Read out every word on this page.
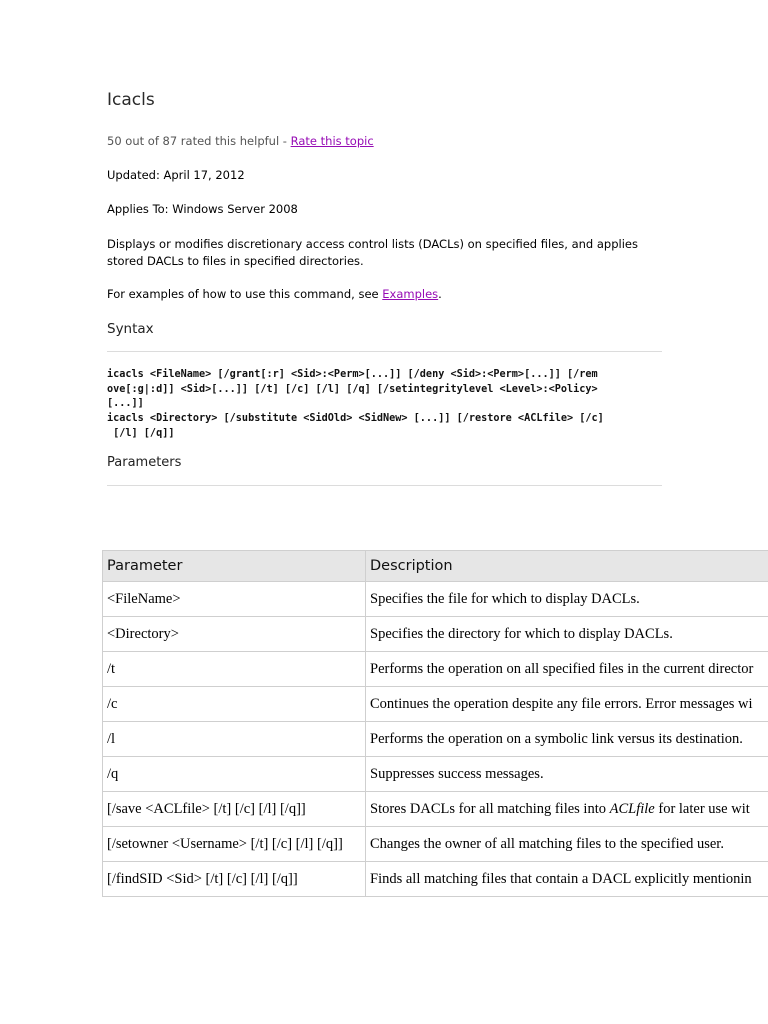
Icacls
50 out of 87 rated this helpful - Rate this topic
Updated: April 17, 2012
Applies To: Windows Server 2008
Displays or modifies discretionary access control lists (DACLs) on specified files, and applies stored DACLs to files in specified directories.
For examples of how to use this command, see Examples.
Syntax
icacls <FileName> [/grant[:r] <Sid>:<Perm>[...]] [/deny <Sid>:<Perm>[...]] [/rem
ove[:g|:d]] <Sid>[...]] [/t] [/c] [/l] [/q] [/setintegritylevel <Level>:<Policy>
[...]]
icacls <Directory> [/substitute <SidOld> <SidNew> [...]] [/restore <ACLfile> [/c]
[/l] [/q]]
Parameters
Parameter	Description
<FileName>	Specifies the file for which to display DACLs.
<Directory>	Specifies the directory for which to display DACLs.
/t	Performs the operation on all specified files in the current director
/c	Continues the operation despite any file errors. Error messages wi
/l	Performs the operation on a symbolic link versus its destination.
/q	Suppresses success messages.
[/save <ACLfile> [/t] [/c] [/l] [/q]]	Stores DACLs for all matching files into ACLfile for later use wit
[/setowner <Username> [/t] [/c] [/l] [/q]]	Changes the owner of all matching files to the specified user.
[/findSID <Sid> [/t] [/c] [/l] [/q]]	Finds all matching files that contain a DACL explicitly mentionin
